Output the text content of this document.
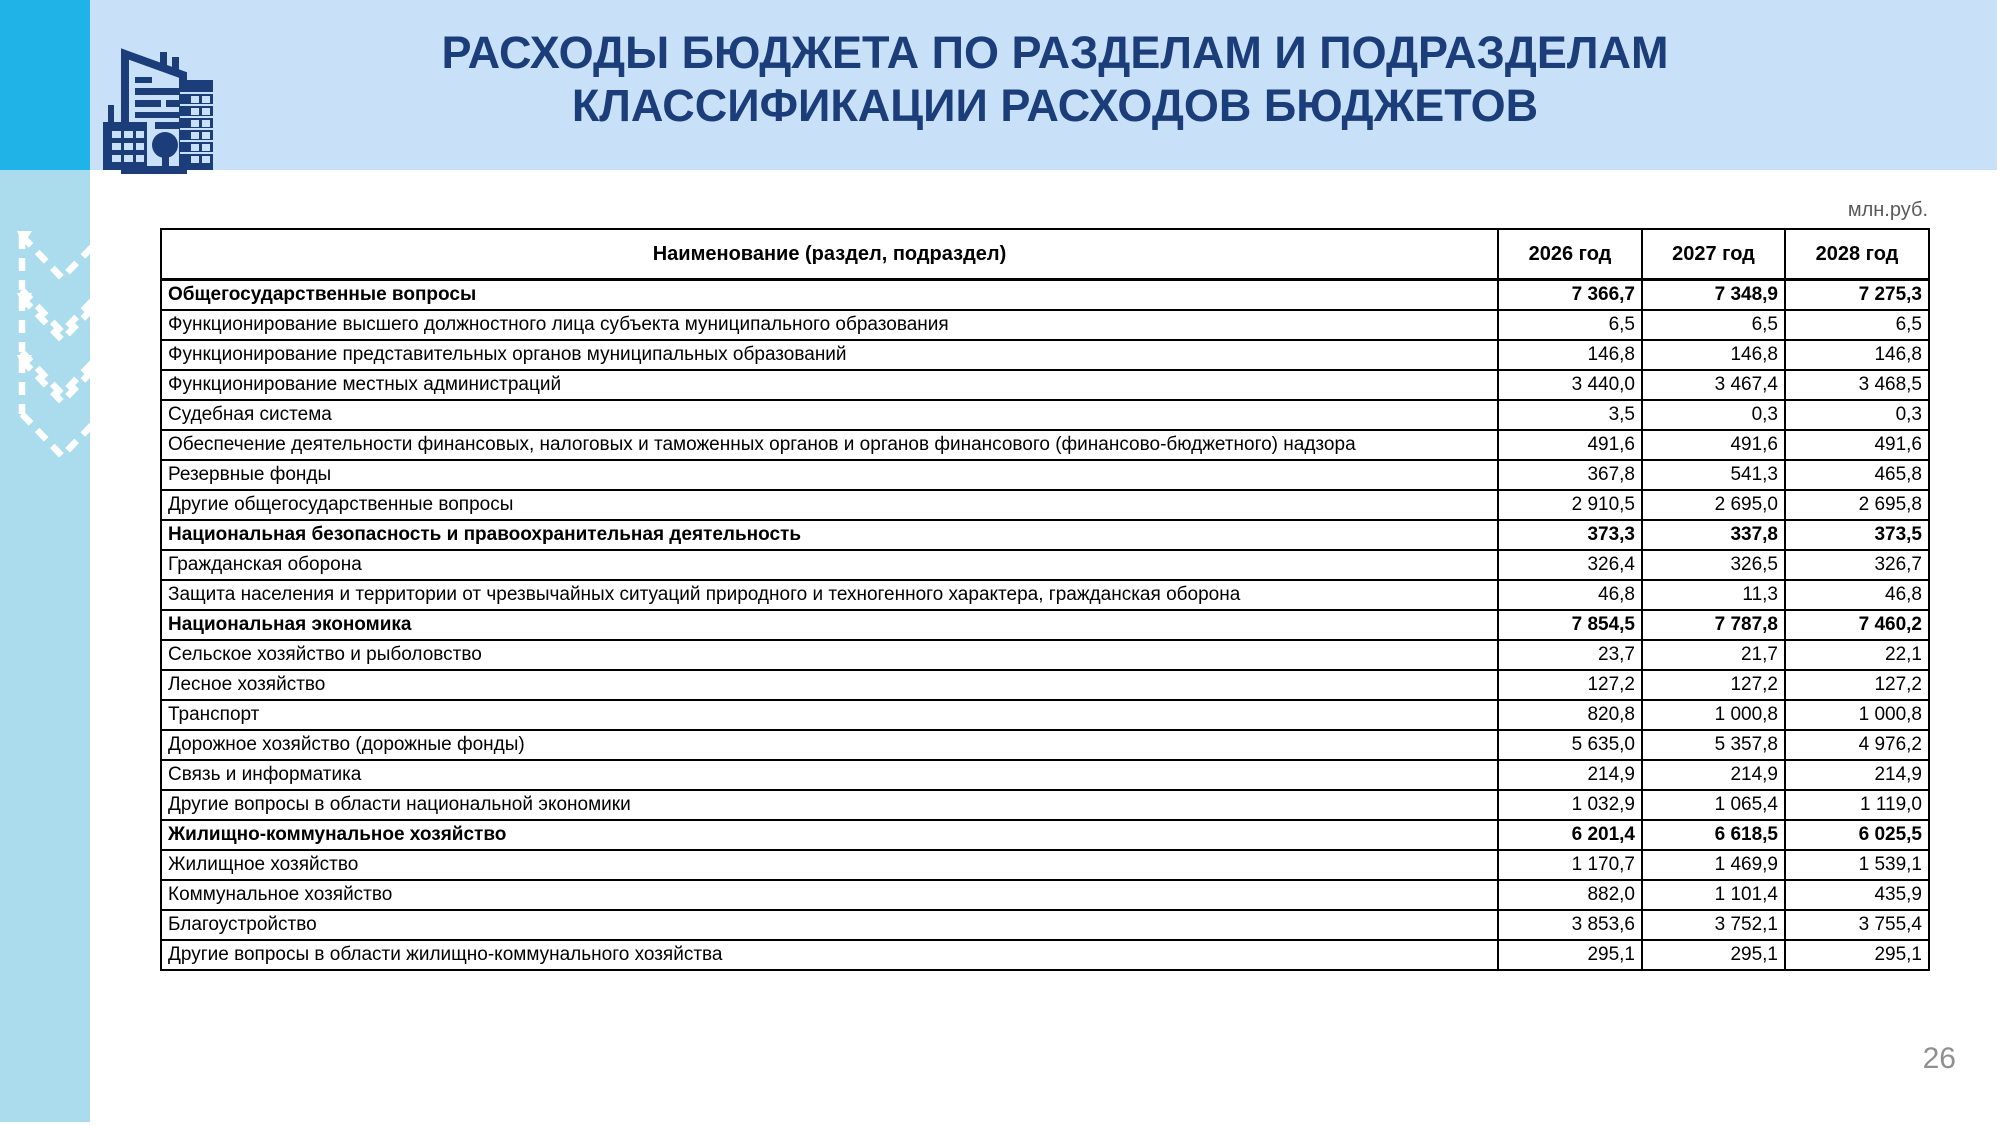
РАСХОДЫ БЮДЖЕТА ПО РАЗДЕЛАМ И ПОДРАЗДЕЛАМ
КЛАССИФИКАЦИИ РАСХОДОВ БЮДЖЕТОВ
млн.руб.
Наименование (раздел, подраздел)	2026 год	2027 год	2028 год
Общегосударственные вопросы	7 366,7	7 348,9	7 275,3
Функционирование высшего должностного лица субъекта муниципального образования	6,5	6,5	6,5
Функционирование представительных органов муниципальных образований	146,8	146,8	146,8
Функционирование местных администраций	3 440,0	3 467,4	3 468,5
Судебная система	3,5	0,3	0,3
Обеспечение деятельности финансовых, налоговых и таможенных органов и органов финансового (финансово-бюджетного) надзора	491,6	491,6	491,6
Резервные фонды	367,8	541,3	465,8
Другие общегосударственные вопросы	2 910,5	2 695,0	2 695,8
Национальная безопасность и правоохранительная деятельность	373,3	337,8	373,5
Гражданская оборона	326,4	326,5	326,7
Защита населения и территории от чрезвычайных ситуаций природного и техногенного характера, гражданская оборона	46,8	11,3	46,8
Национальная экономика	7 854,5	7 787,8	7 460,2
Сельское хозяйство и рыболовство	23,7	21,7	22,1
Лесное хозяйство	127,2	127,2	127,2
Транспорт	820,8	1 000,8	1 000,8
Дорожное хозяйство (дорожные фонды)	5 635,0	5 357,8	4 976,2
Связь и информатика	214,9	214,9	214,9
Другие вопросы в области национальной экономики	1 032,9	1 065,4	1 119,0
Жилищно-коммунальное хозяйство	6 201,4	6 618,5	6 025,5
Жилищное хозяйство	1 170,7	1 469,9	1 539,1
Коммунальное хозяйство	882,0	1 101,4	435,9
Благоустройство	3 853,6	3 752,1	3 755,4
Другие вопросы в области жилищно-коммунального хозяйства	295,1	295,1	295,1
26
